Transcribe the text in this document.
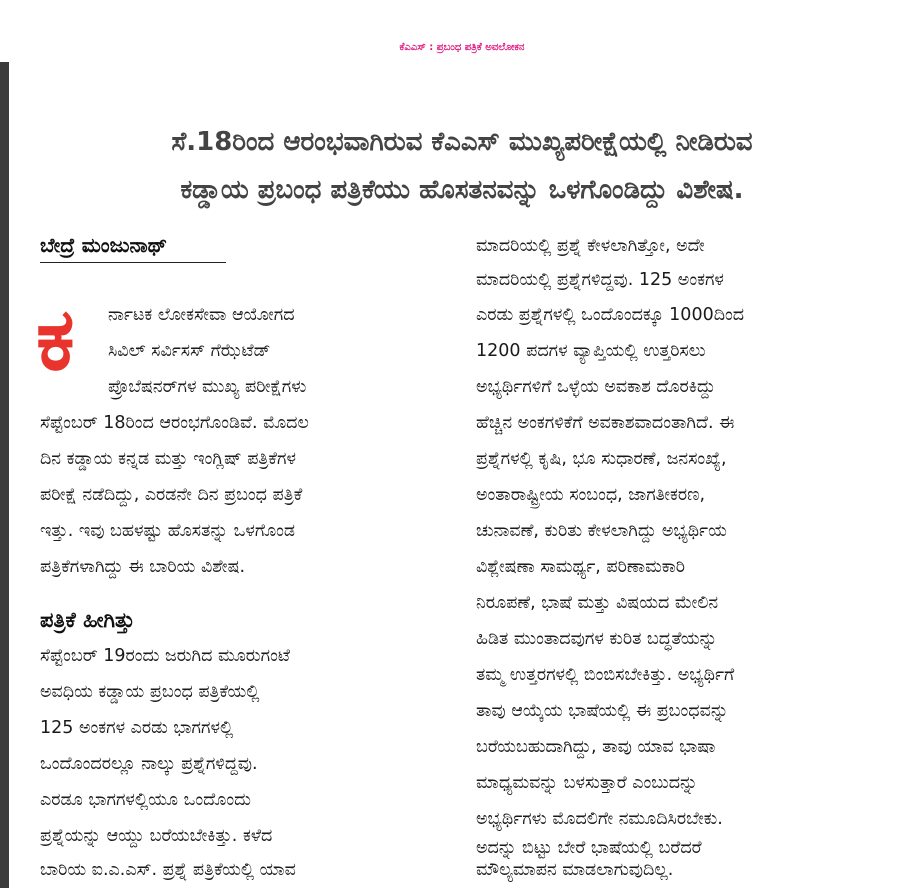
ಕೆಎಎಸ್ : ಪ್ರಬಂಧ ಪತ್ರಿಕೆ ಅವಲೋಕನ
ಸೆ.18ರಿಂದ ಆರಂಭವಾಗಿರುವ ಕೆಎಎಸ್ ಮುಖ್ಯಪರೀಕ್ಷೆಯಲ್ಲಿ ನೀಡಿರುವ
ಕಡ್ಡಾಯ ಪ್ರಬಂಧ ಪತ್ರಿಕೆಯು ಹೊಸತನವನ್ನು ಒಳಗೊಂಡಿದ್ದು ವಿಶೇಷ.
ಬೇದ್ರೆ ಮಂಜುನಾಥ್
ಕ ರ್ನಾಟಕ ಲೋಕಸೇವಾ ಆಯೋಗದ
ಸಿವಿಲ್ ಸರ್ವಿಸಸ್ ಗೆಝೆಟೆಡ್
ಪ್ರೊಬೆಷನರ್‌ಗಳ ಮುಖ್ಯ ಪರೀಕ್ಷೆಗಳು
ಸೆಪ್ಟೆಂಬರ್ 18ರಿಂದ ಆರಂಭಗೊಂಡಿವೆ. ಮೊದಲ
ದಿನ ಕಡ್ಡಾಯ ಕನ್ನಡ ಮತ್ತು ಇಂಗ್ಲಿಷ್ ಪತ್ರಿಕೆಗಳ
ಪರೀಕ್ಷೆ ನಡೆದಿದ್ದು, ಎರಡನೇ ದಿನ ಪ್ರಬಂಧ ಪತ್ರಿಕೆ
ಇತ್ತು. ಇವು ಬಹಳಷ್ಟು ಹೊಸತನ್ನು ಒಳಗೊಂಡ
ಪತ್ರಿಕೆಗಳಾಗಿದ್ದು ಈ ಬಾರಿಯ ವಿಶೇಷ.
ಪತ್ರಿಕೆ ಹೀಗಿತ್ತು
ಸೆಪ್ಟೆಂಬರ್ 19ರಂದು ಜರುಗಿದ ಮೂರುಗಂಟೆ
ಅವಧಿಯ ಕಡ್ಡಾಯ ಪ್ರಬಂಧ ಪತ್ರಿಕೆಯಲ್ಲಿ
125 ಅಂಕಗಳ ಎರಡು ಭಾಗಗಳಲ್ಲಿ
ಒಂದೊಂದರಲ್ಲೂ ನಾಲ್ಕು ಪ್ರಶ್ನೆಗಳಿದ್ದವು.
ಎರಡೂ ಭಾಗಗಳಲ್ಲಿಯೂ ಒಂದೊಂದು
ಪ್ರಶ್ನೆಯನ್ನು ಆಯ್ದು ಬರೆಯಬೇಕಿತ್ತು. ಕಳೆದ
ಬಾರಿಯ ಐ.ಎ.ಎಸ್. ಪ್ರಶ್ನೆ ಪತ್ರಿಕೆಯಲ್ಲಿ ಯಾವ
ಮಾದರಿಯಲ್ಲಿ ಪ್ರಶ್ನೆ ಕೇಳಲಾಗಿತ್ತೋ, ಅದೇ
ಮಾದರಿಯಲ್ಲಿ ಪ್ರಶ್ನೆಗಳಿದ್ದವು. 125 ಅಂಕಗಳ
ಎರಡು ಪ್ರಶ್ನೆಗಳಲ್ಲಿ ಒಂದೊಂದಕ್ಕೂ 1000ದಿಂದ
1200 ಪದಗಳ ವ್ಯಾಪ್ತಿಯಲ್ಲಿ ಉತ್ತರಿಸಲು
ಅಭ್ಯರ್ಥಿಗಳಿಗೆ ಒಳ್ಳೆಯ ಅವಕಾಶ ದೊರಕಿದ್ದು
ಹೆಚ್ಚಿನ ಅಂಕಗಳಿಕೆಗೆ ಅವಕಾಶವಾದಂತಾಗಿದೆ. ಈ
ಪ್ರಶ್ನೆಗಳಲ್ಲಿ ಕೃಷಿ, ಭೂ ಸುಧಾರಣೆ, ಜನಸಂಖ್ಯೆ,
ಅಂತಾರಾಷ್ಟ್ರೀಯ ಸಂಬಂಧ, ಜಾಗತೀಕರಣ,
ಚುನಾವಣೆ, ಕುರಿತು ಕೇಳಲಾಗಿದ್ದು ಅಭ್ಯರ್ಥಿಯ
ವಿಶ್ಲೇಷಣಾ ಸಾಮರ್ಥ್ಯ, ಪರಿಣಾಮಕಾರಿ
ನಿರೂಪಣೆ, ಭಾಷೆ ಮತ್ತು ವಿಷಯದ ಮೇಲಿನ
ಹಿಡಿತ ಮುಂತಾದವುಗಳ ಕುರಿತ ಬದ್ಧತೆಯನ್ನು
ತಮ್ಮ ಉತ್ತರಗಳಲ್ಲಿ ಬಿಂಬಿಸಬೇಕಿತ್ತು. ಅಭ್ಯರ್ಥಿಗೆ
ತಾವು ಆಯ್ಕೆಯ ಭಾಷೆಯಲ್ಲಿ ಈ ಪ್ರಬಂಧವನ್ನು
ಬರೆಯಬಹುದಾಗಿದ್ದು, ತಾವು ಯಾವ ಭಾಷಾ
ಮಾಧ್ಯಮವನ್ನು ಬಳಸುತ್ತಾರೆ ಎಂಬುದನ್ನು
ಅಭ್ಯರ್ಥಿಗಳು ಮೊದಲಿಗೇ ನಮೂದಿಸಿರಬೇಕು.
ಅದನ್ನು ಬಿಟ್ಟು ಬೇರೆ ಭಾಷೆಯಲ್ಲಿ ಬರೆದರೆ
ಮೌಲ್ಯಮಾಪನ ಮಾಡಲಾಗುವುದಿಲ್ಲ.
